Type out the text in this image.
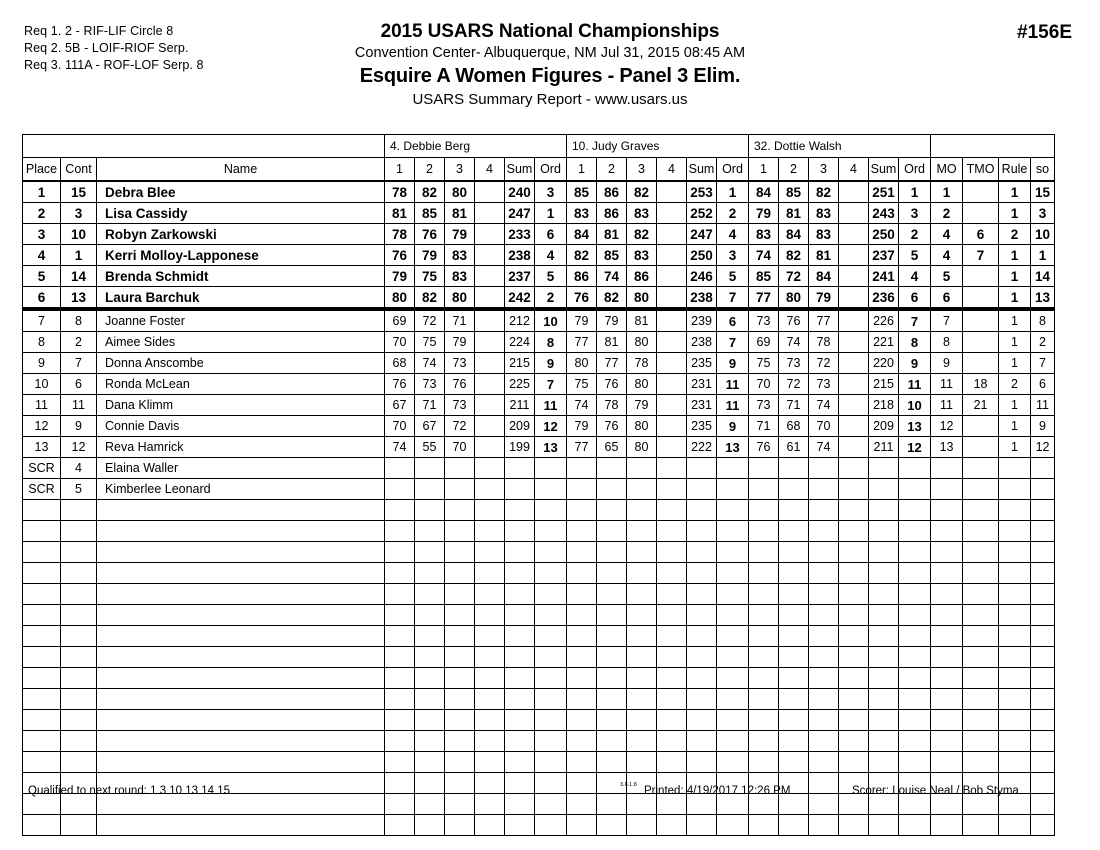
Req 1. 2 - RIF-LIF Circle 8
Req 2. 5B - LOIF-RIOF Serp.
Req 3. 111A - ROF-LOF Serp. 8
2015 USARS National Championships
Convention Center- Albuquerque, NM Jul 31, 2015 08:45 AM
Esquire A Women Figures - Panel 3 Elim.
USARS Summary Report - www.usars.us
#156E
			4. Debbie Berg						10. Judy Graves						32. Dottie Walsh									
Place	Cont	Name	1	2	3	4	Sum	Ord	1	2	3	4	Sum	Ord	1	2	3	4	Sum	Ord	MO	TMO	Rule	so
1	15	Debra Blee	78	82	80		240	3	85	86	82		253	1	84	85	82		251	1	1		1	15
2	3	Lisa Cassidy	81	85	81		247	1	83	86	83		252	2	79	81	83		243	3	2		1	3
3	10	Robyn Zarkowski	78	76	79		233	6	84	81	82		247	4	83	84	83		250	2	4	6	2	10
4	1	Kerri Molloy-Lapponese	76	79	83		238	4	82	85	83		250	3	74	82	81		237	5	4	7	1	1
5	14	Brenda Schmidt	79	75	83		237	5	86	74	86		246	5	85	72	84		241	4	5		1	14
6	13	Laura Barchuk	80	82	80		242	2	76	82	80		238	7	77	80	79		236	6	6		1	13
7	8	Joanne Foster	69	72	71		212	10	79	79	81		239	6	73	76	77		226	7	7		1	8
8	2	Aimee Sides	70	75	79		224	8	77	81	80		238	7	69	74	78		221	8	8		1	2
9	7	Donna Anscombe	68	74	73		215	9	80	77	78		235	9	75	73	72		220	9	9		1	7
10	6	Ronda McLean	76	73	76		225	7	75	76	80		231	11	70	72	73		215	11	11	18	2	6
11	11	Dana Klimm	67	71	73		211	11	74	78	79		231	11	73	71	74		218	10	11	21	1	11
12	9	Connie Davis	70	67	72		209	12	79	76	80		235	9	71	68	70		209	13	12		1	9
13	12	Reva Hamrick	74	55	70		199	13	77	65	80		222	13	76	61	74		211	12	13		1	12
SCR	4	Elaina Waller																						
SCR	5	Kimberlee Leonard																						

Qualified to next round: 1 3 10 13 14 15	3.8.1.8 Printed: 4/19/2017 12:26 PM	Scorer: Louise Neal / Bob Styma
